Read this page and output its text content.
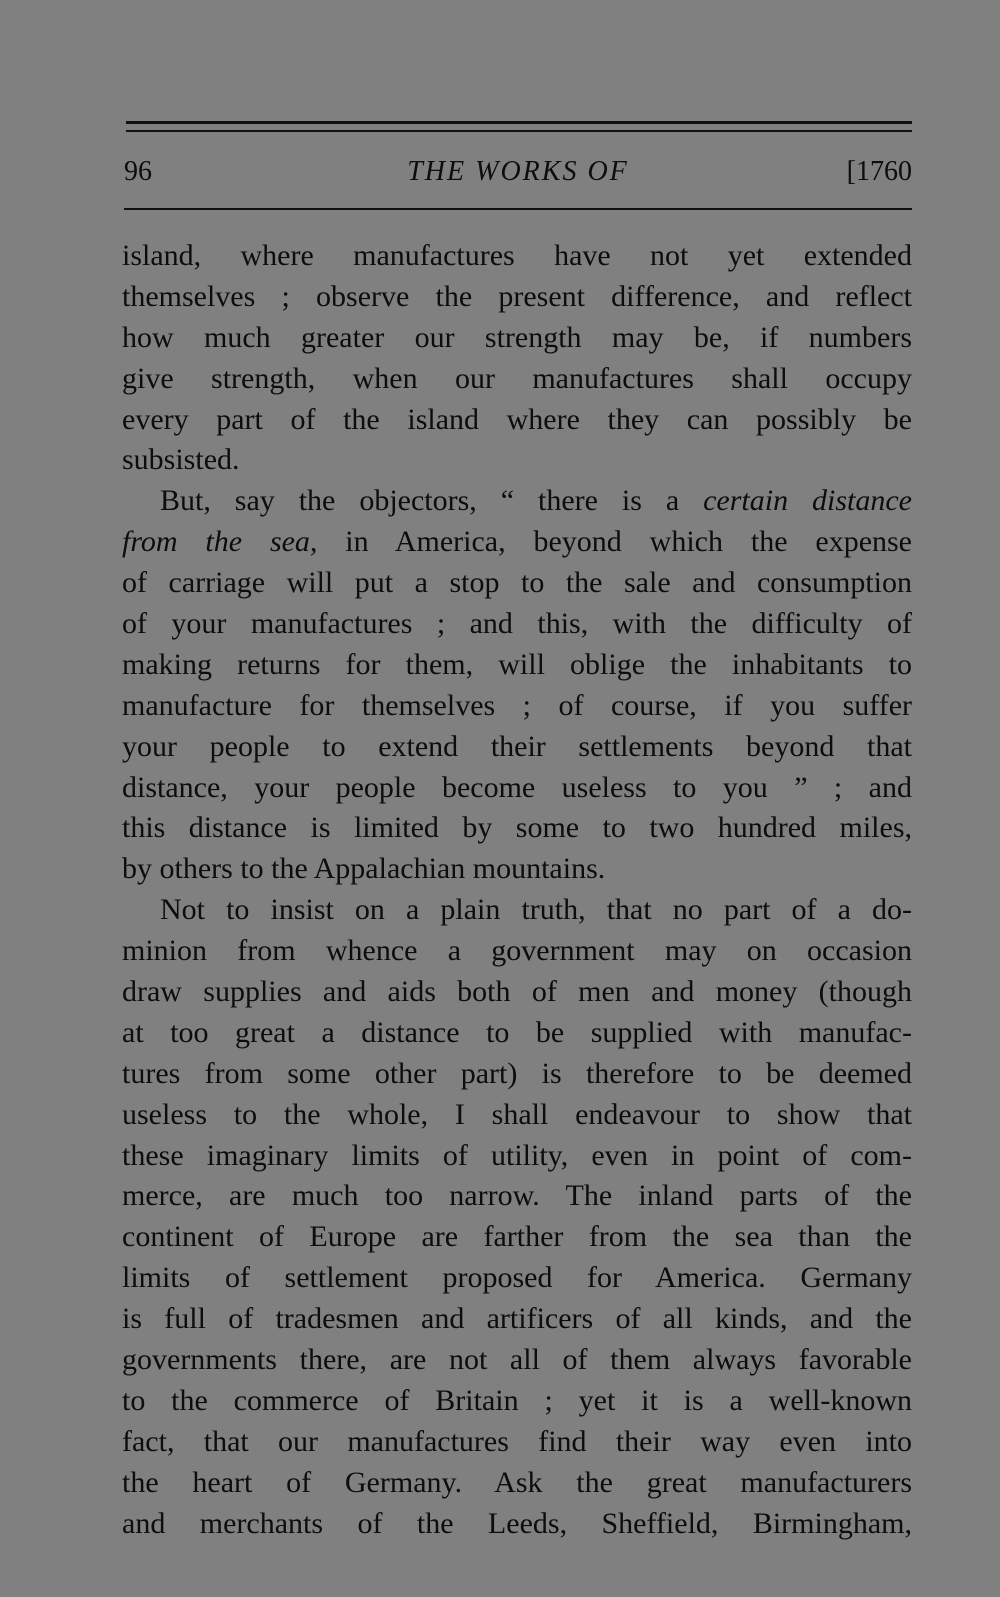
96	THE WORKS OF	[1760
island, where manufactures have not yet extended
themselves ; observe the present difference, and reflect
how much greater our strength may be, if numbers
give strength, when our manufactures shall occupy
every part of the island where they can possibly be
subsisted.
But, say the objectors, “ there is a certain distance
from the sea, in America, beyond which the expense
of carriage will put a stop to the sale and consumption
of your manufactures ; and this, with the difficulty of
making returns for them, will oblige the inhabitants to
manufacture for themselves ; of course, if you suffer
your people to extend their settlements beyond that
distance, your people become useless to you ” ; and
this distance is limited by some to two hundred miles,
by others to the Appalachian mountains.
Not to insist on a plain truth, that no part of a do-
minion from whence a government may on occasion
draw supplies and aids both of men and money (though
at too great a distance to be supplied with manufac-
tures from some other part) is therefore to be deemed
useless to the whole, I shall endeavour to show that
these imaginary limits of utility, even in point of com-
merce, are much too narrow. The inland parts of the
continent of Europe are farther from the sea than the
limits of settlement proposed for America. Germany
is full of tradesmen and artificers of all kinds, and the
governments there, are not all of them always favorable
to the commerce of Britain ; yet it is a well-known
fact, that our manufactures find their way even into
the heart of Germany. Ask the great manufacturers
and merchants of the Leeds, Sheffield, Birmingham,
